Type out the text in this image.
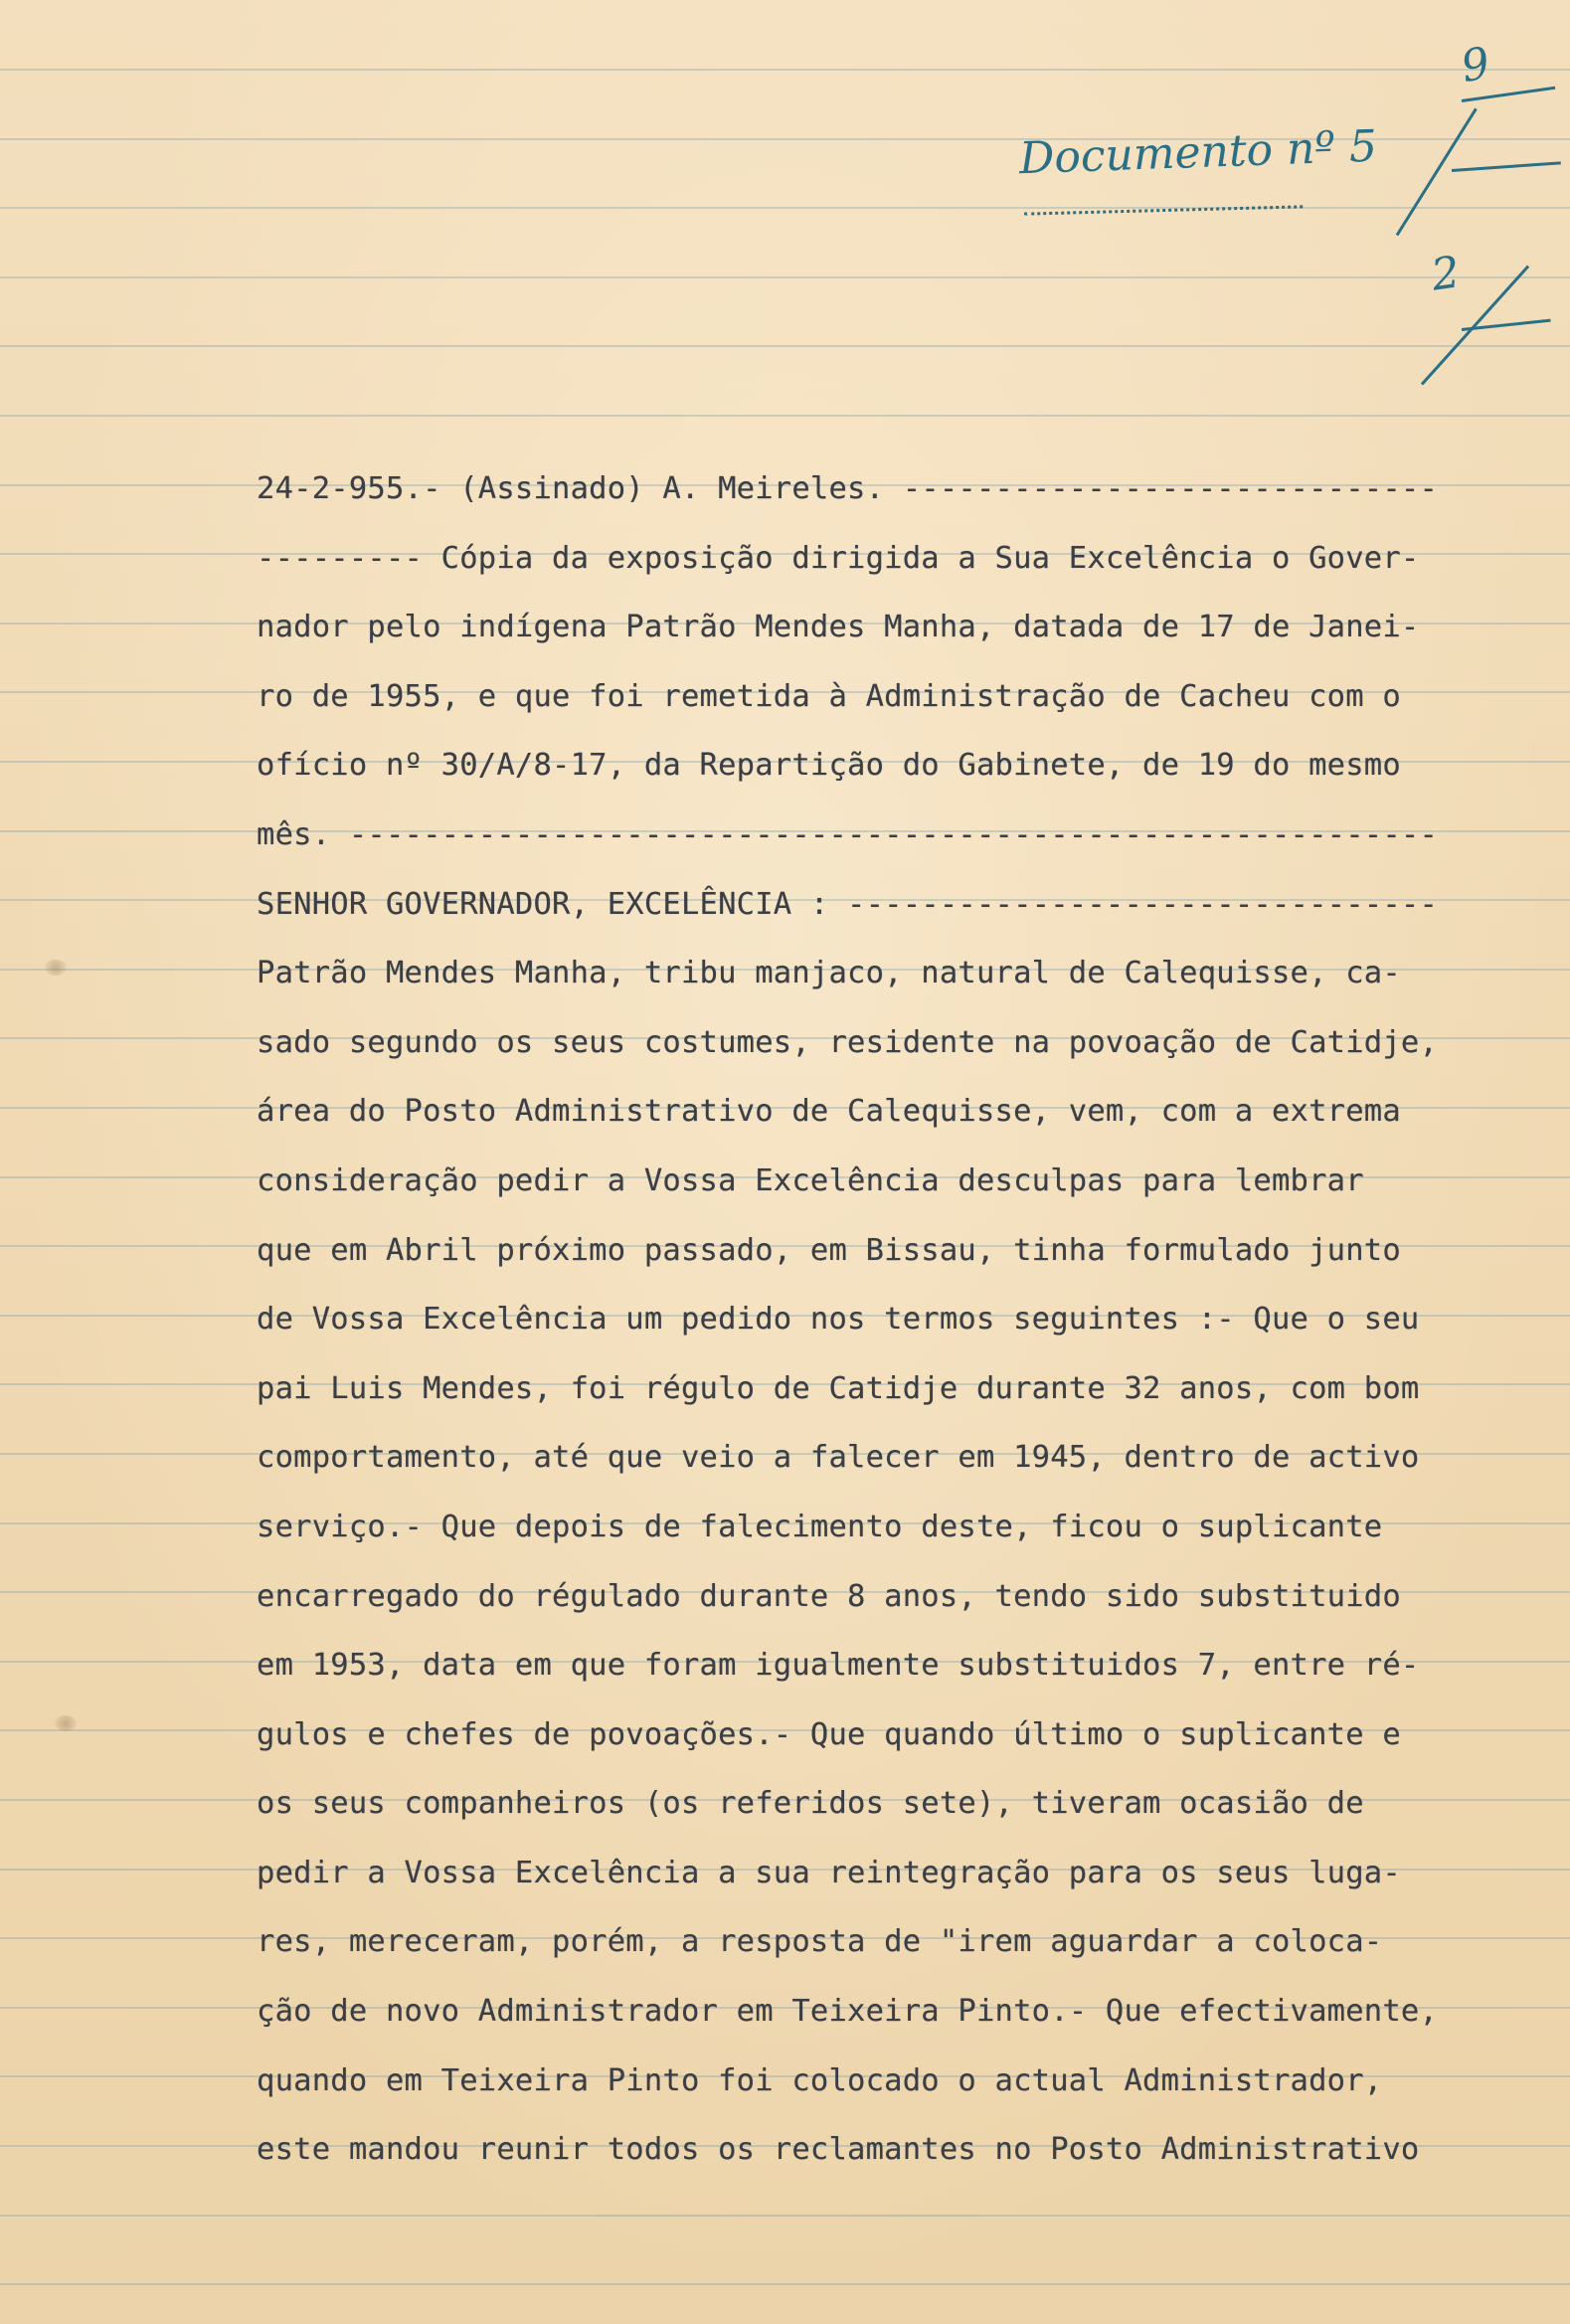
Documento nº 5
9
2
24-2-955.- (Assinado) A. Meireles. -----------------------------
--------- Cópia da exposição dirigida a Sua Excelência o Gover-
nador pelo indígena Patrão Mendes Manha, datada de 17 de Janei-
ro de 1955, e que foi remetida à Administração de Cacheu com o
ofício nº 30/A/8-17, da Repartição do Gabinete, de 19 do mesmo
mês. -----------------------------------------------------------
SENHOR GOVERNADOR, EXCELÊNCIA : --------------------------------
Patrão Mendes Manha, tribu manjaco, natural de Calequisse, ca-
sado segundo os seus costumes, residente na povoação de Catidje,
área do Posto Administrativo de Calequisse, vem, com a extrema
consideração pedir a Vossa Excelência desculpas para lembrar
que em Abril próximo passado, em Bissau, tinha formulado junto
de Vossa Excelência um pedido nos termos seguintes :- Que o seu
pai Luis Mendes, foi régulo de Catidje durante 32 anos, com bom
comportamento, até que veio a falecer em 1945, dentro de activo
serviço.- Que depois de falecimento deste, ficou o suplicante
encarregado do régulado durante 8 anos, tendo sido substituido
em 1953, data em que foram igualmente substituidos 7, entre ré-
gulos e chefes de povoações.- Que quando último o suplicante e
os seus companheiros (os referidos sete), tiveram ocasião de
pedir a Vossa Excelência a sua reintegração para os seus luga-
res, mereceram, porém, a resposta de "irem aguardar a coloca-
ção de novo Administrador em Teixeira Pinto.- Que efectivamente,
quando em Teixeira Pinto foi colocado o actual Administrador,
este mandou reunir todos os reclamantes no Posto Administrativo
